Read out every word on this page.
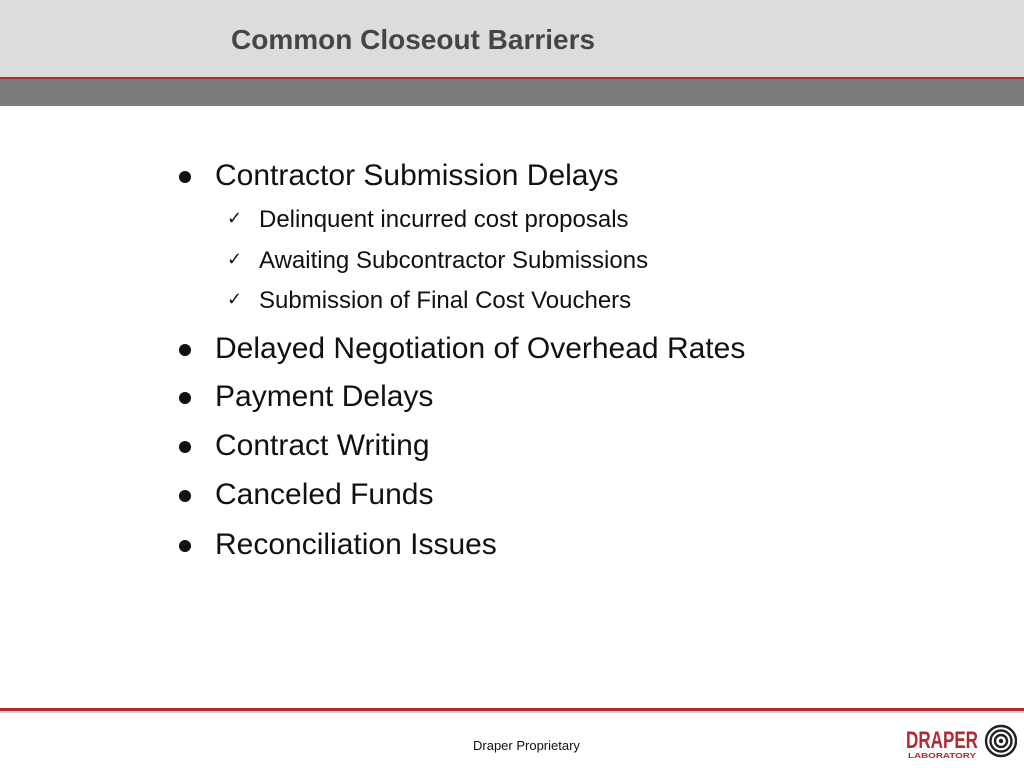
Common Closeout Barriers
Contractor Submission Delays
✓ Delinquent incurred cost proposals
✓ Awaiting Subcontractor Submissions
✓ Submission of Final Cost Vouchers
Delayed Negotiation of Overhead Rates
Payment Delays
Contract Writing
Canceled Funds
Reconciliation Issues
Draper Proprietary	DRAPER
LABORATORY
